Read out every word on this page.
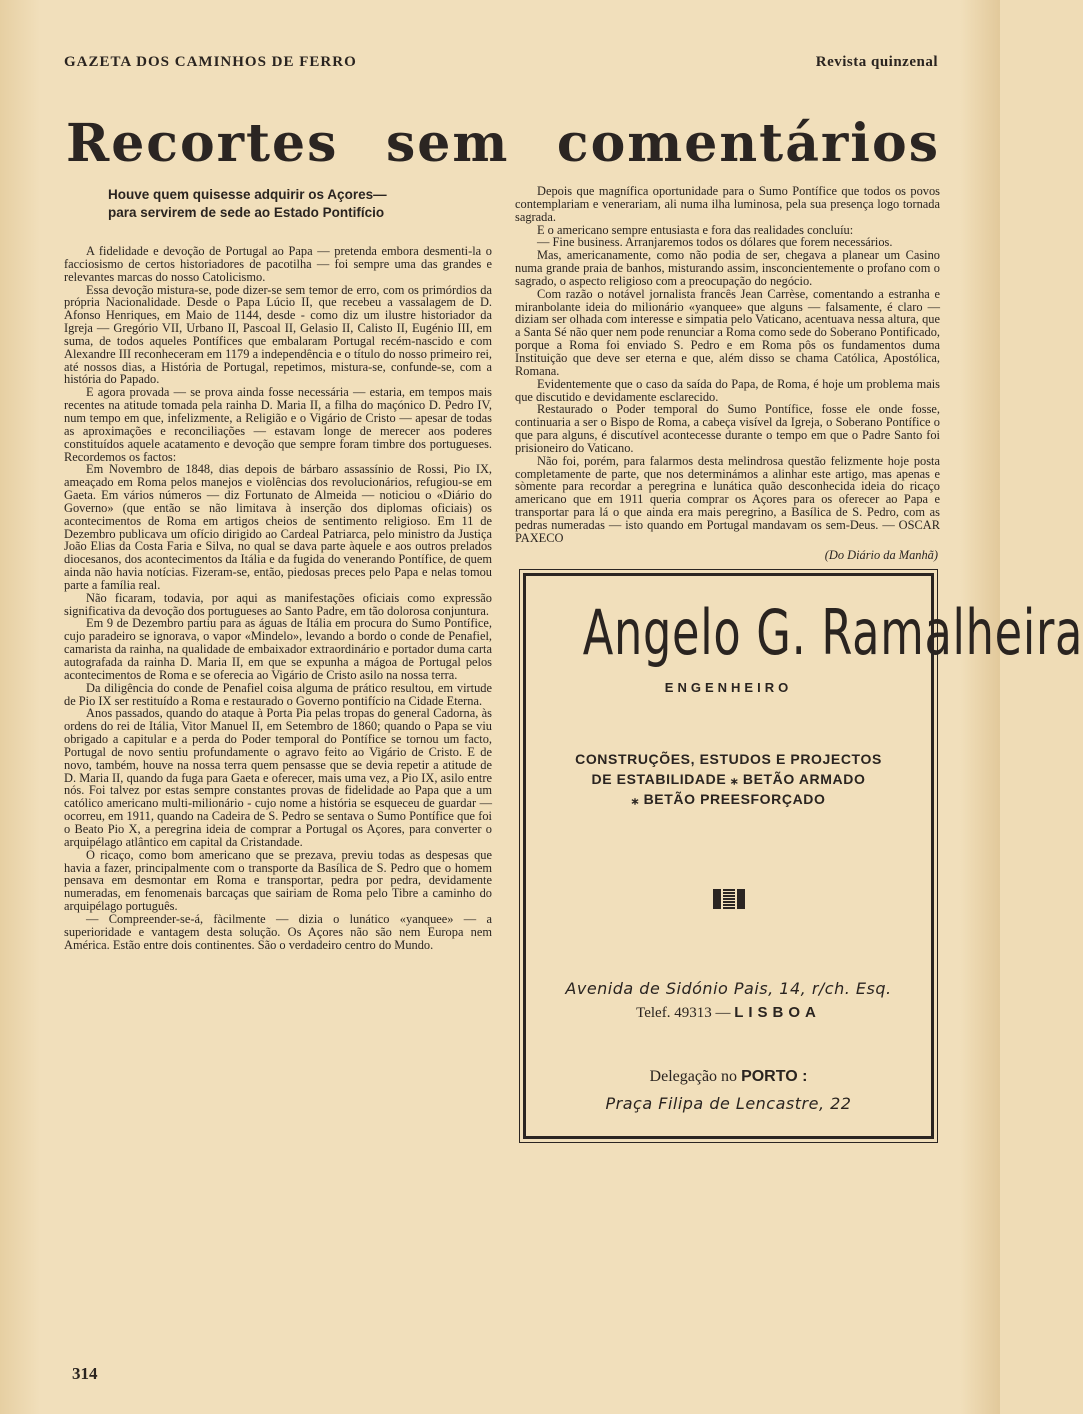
GAZETA DOS CAMINHOS DE FERRO	Revista quinzenal
Recortes sem comentários
Houve quem quisesse adquirir os Açores—
para servirem de sede ao Estado Pontifício

A fidelidade e devoção de Portugal ao Papa — pretenda embora desmenti-la o facciosismo de certos historiadores de pacotilha — foi sempre uma das grandes e relevantes marcas do nosso Catolicismo.

Essa devoção mistura-se, pode dizer-se sem temor de erro, com os primórdios da própria Nacionalidade. Desde o Papa Lúcio II, que recebeu a vassalagem de D. Afonso Henriques, em Maio de 1144, desde - como diz um ilustre historiador da Igreja — Gregório VII, Urbano II, Pascoal II, Gelasio II, Calisto II, Eugénio III, em suma, de todos aqueles Pontífices que embalaram Portugal recém-nascido e com Alexandre III reconheceram em 1179 a independência e o título do nosso primeiro rei, até nossos dias, a História de Portugal, repetimos, mistura-se, confunde-se, com a história do Papado.

E agora provada — se prova ainda fosse necessária — estaria, em tempos mais recentes na atitude tomada pela rainha D. Maria II, a filha do maçónico D. Pedro IV, num tempo em que, infelizmente, a Religião e o Vigário de Cristo — apesar de todas as aproximações e reconciliações — estavam longe de merecer aos poderes constituídos aquele acatamento e devoção que sempre foram timbre dos portugueses. Recordemos os factos:

Em Novembro de 1848, dias depois de bárbaro assassínio de Rossi, Pio IX, ameaçado em Roma pelos manejos e violências dos revolucionários, refugiou-se em Gaeta. Em vários números — diz Fortunato de Almeida — noticiou o «Diário do Governo» (que então se não limitava à inserção dos diplomas oficiais) os acontecimentos de Roma em artigos cheios de sentimento religioso. Em 11 de Dezembro publicava um ofício dirigido ao Cardeal Patriarca, pelo ministro da Justiça João Elias da Costa Faria e Silva, no qual se dava parte àquele e aos outros prelados diocesanos, dos acontecimentos da Itália e da fugida do venerando Pontífice, de quem ainda não havia notícias. Fizeram-se, então, piedosas preces pelo Papa e nelas tomou parte a família real.

Não ficaram, todavia, por aqui as manifestações oficiais como expressão significativa da devoção dos portugueses ao Santo Padre, em tão dolorosa conjuntura.

Em 9 de Dezembro partiu para as águas de Itália em procura do Sumo Pontífice, cujo paradeiro se ignorava, o vapor «Mindelo», levando a bordo o conde de Penafiel, camarista da rainha, na qualidade de embaixador extraordinário e portador duma carta autografada da rainha D. Maria II, em que se expunha a mágoa de Portugal pelos acontecimentos de Roma e se oferecia ao Vigário de Cristo asilo na nossa terra.

Da diligência do conde de Penafiel coisa alguma de prático resultou, em virtude de Pio IX ser restituído a Roma e restaurado o Governo pontifício na Cidade Eterna.

Anos passados, quando do ataque à Porta Pia pelas tropas do general Cadorna, às ordens do rei de Itália, Vitor Manuel II, em Setembro de 1860; quando o Papa se viu obrigado a capitular e a perda do Poder temporal do Pontífice se tornou um facto, Portugal de novo sentiu profundamente o agravo feito ao Vigário de Cristo. E de novo, também, houve na nossa terra quem pensasse que se devia repetir a atitude de D. Maria II, quando da fuga para Gaeta e oferecer, mais uma vez, a Pio IX, asilo entre nós. Foi talvez por estas sempre constantes provas de fidelidade ao Papa que a um católico americano multi-milionário - cujo nome a história se esqueceu de guardar — ocorreu, em 1911, quando na Cadeira de S. Pedro se sentava o Sumo Pontífice que foi o Beato Pio X, a peregrina ideia de comprar a Portugal os Açores, para converter o arquipélago atlântico em capital da Cristandade.

O ricaço, como bom americano que se prezava, previu todas as despesas que havia a fazer, principalmente com o transporte da Basílica de S. Pedro que o homem pensava em desmontar em Roma e transportar, pedra por pedra, devidamente numeradas, em fenomenais barcaças que sairiam de Roma pelo Tibre a caminho do arquipélago português.

— Compreender-se-á, fàcilmente — dizia o lunático «yanquee» — a superioridade e vantagem desta solução. Os Açores não são nem Europa nem América. Estão entre dois continentes. São o verdadeiro centro do Mundo.

Depois que magnífica oportunidade para o Sumo Pontífice que todos os povos contemplariam e venerariam, ali numa ilha luminosa, pela sua presença logo tornada sagrada.

E o americano sempre entusiasta e fora das realidades concluíu:

— Fine business. Arranjaremos todos os dólares que forem necessários.

Mas, americanamente, como não podia de ser, chegava a planear um Casino numa grande praia de banhos, misturando assim, insconcientemente o profano com o sagrado, o aspecto religioso com a preocupação do negócio.

Com razão o notável jornalista francês Jean Carrèse, comentando a estranha e miranbolante ideia do milionário «yanquee» que alguns — falsamente, é claro — diziam ser olhada com interesse e simpatia pelo Vaticano, acentuava nessa altura, que a Santa Sé não quer nem pode renunciar a Roma como sede do Soberano Pontificado, porque a Roma foi enviado S. Pedro e em Roma pôs os fundamentos duma Instituição que deve ser eterna e que, além disso se chama Católica, Apostólica, Romana.

Evidentemente que o caso da saída do Papa, de Roma, é hoje um problema mais que discutido e devidamente esclarecido.

Restaurado o Poder temporal do Sumo Pontífice, fosse ele onde fosse, continuaria a ser o Bispo de Roma, a cabeça visível da Igreja, o Soberano Pontífice o que para alguns, é discutível acontecesse durante o tempo em que o Padre Santo foi prisioneiro do Vaticano.

Não foi, porém, para falarmos desta melindrosa questão felizmente hoje posta completamente de parte, que nos determinámos a alinhar este artigo, mas apenas e sòmente para recordar a peregrina e lunática quão desconhecida ideia do ricaço americano que em 1911 queria comprar os Açores para os oferecer ao Papa e transportar para lá o que ainda era mais peregrino, a Basílica de S. Pedro, com as pedras numeradas — isto quando em Portugal mandavam os sem-Deus. — OSCAR PAXECO

(Do Diário da Manhã)
Angelo G. Ramalheira
ENGENHEIRO
CONSTRUÇÕES, ESTUDOS E PROJECTOS
DE ESTABILIDADE ⁎ BETÃO ARMADO
⁎ BETÃO PREESFORÇADO
Avenida de Sidónio Pais, 14, r/ch. Esq.
Telef. 49313 — LISBOA
Delegação no PORTO :
Praça Filipa de Lencastre, 22
314
